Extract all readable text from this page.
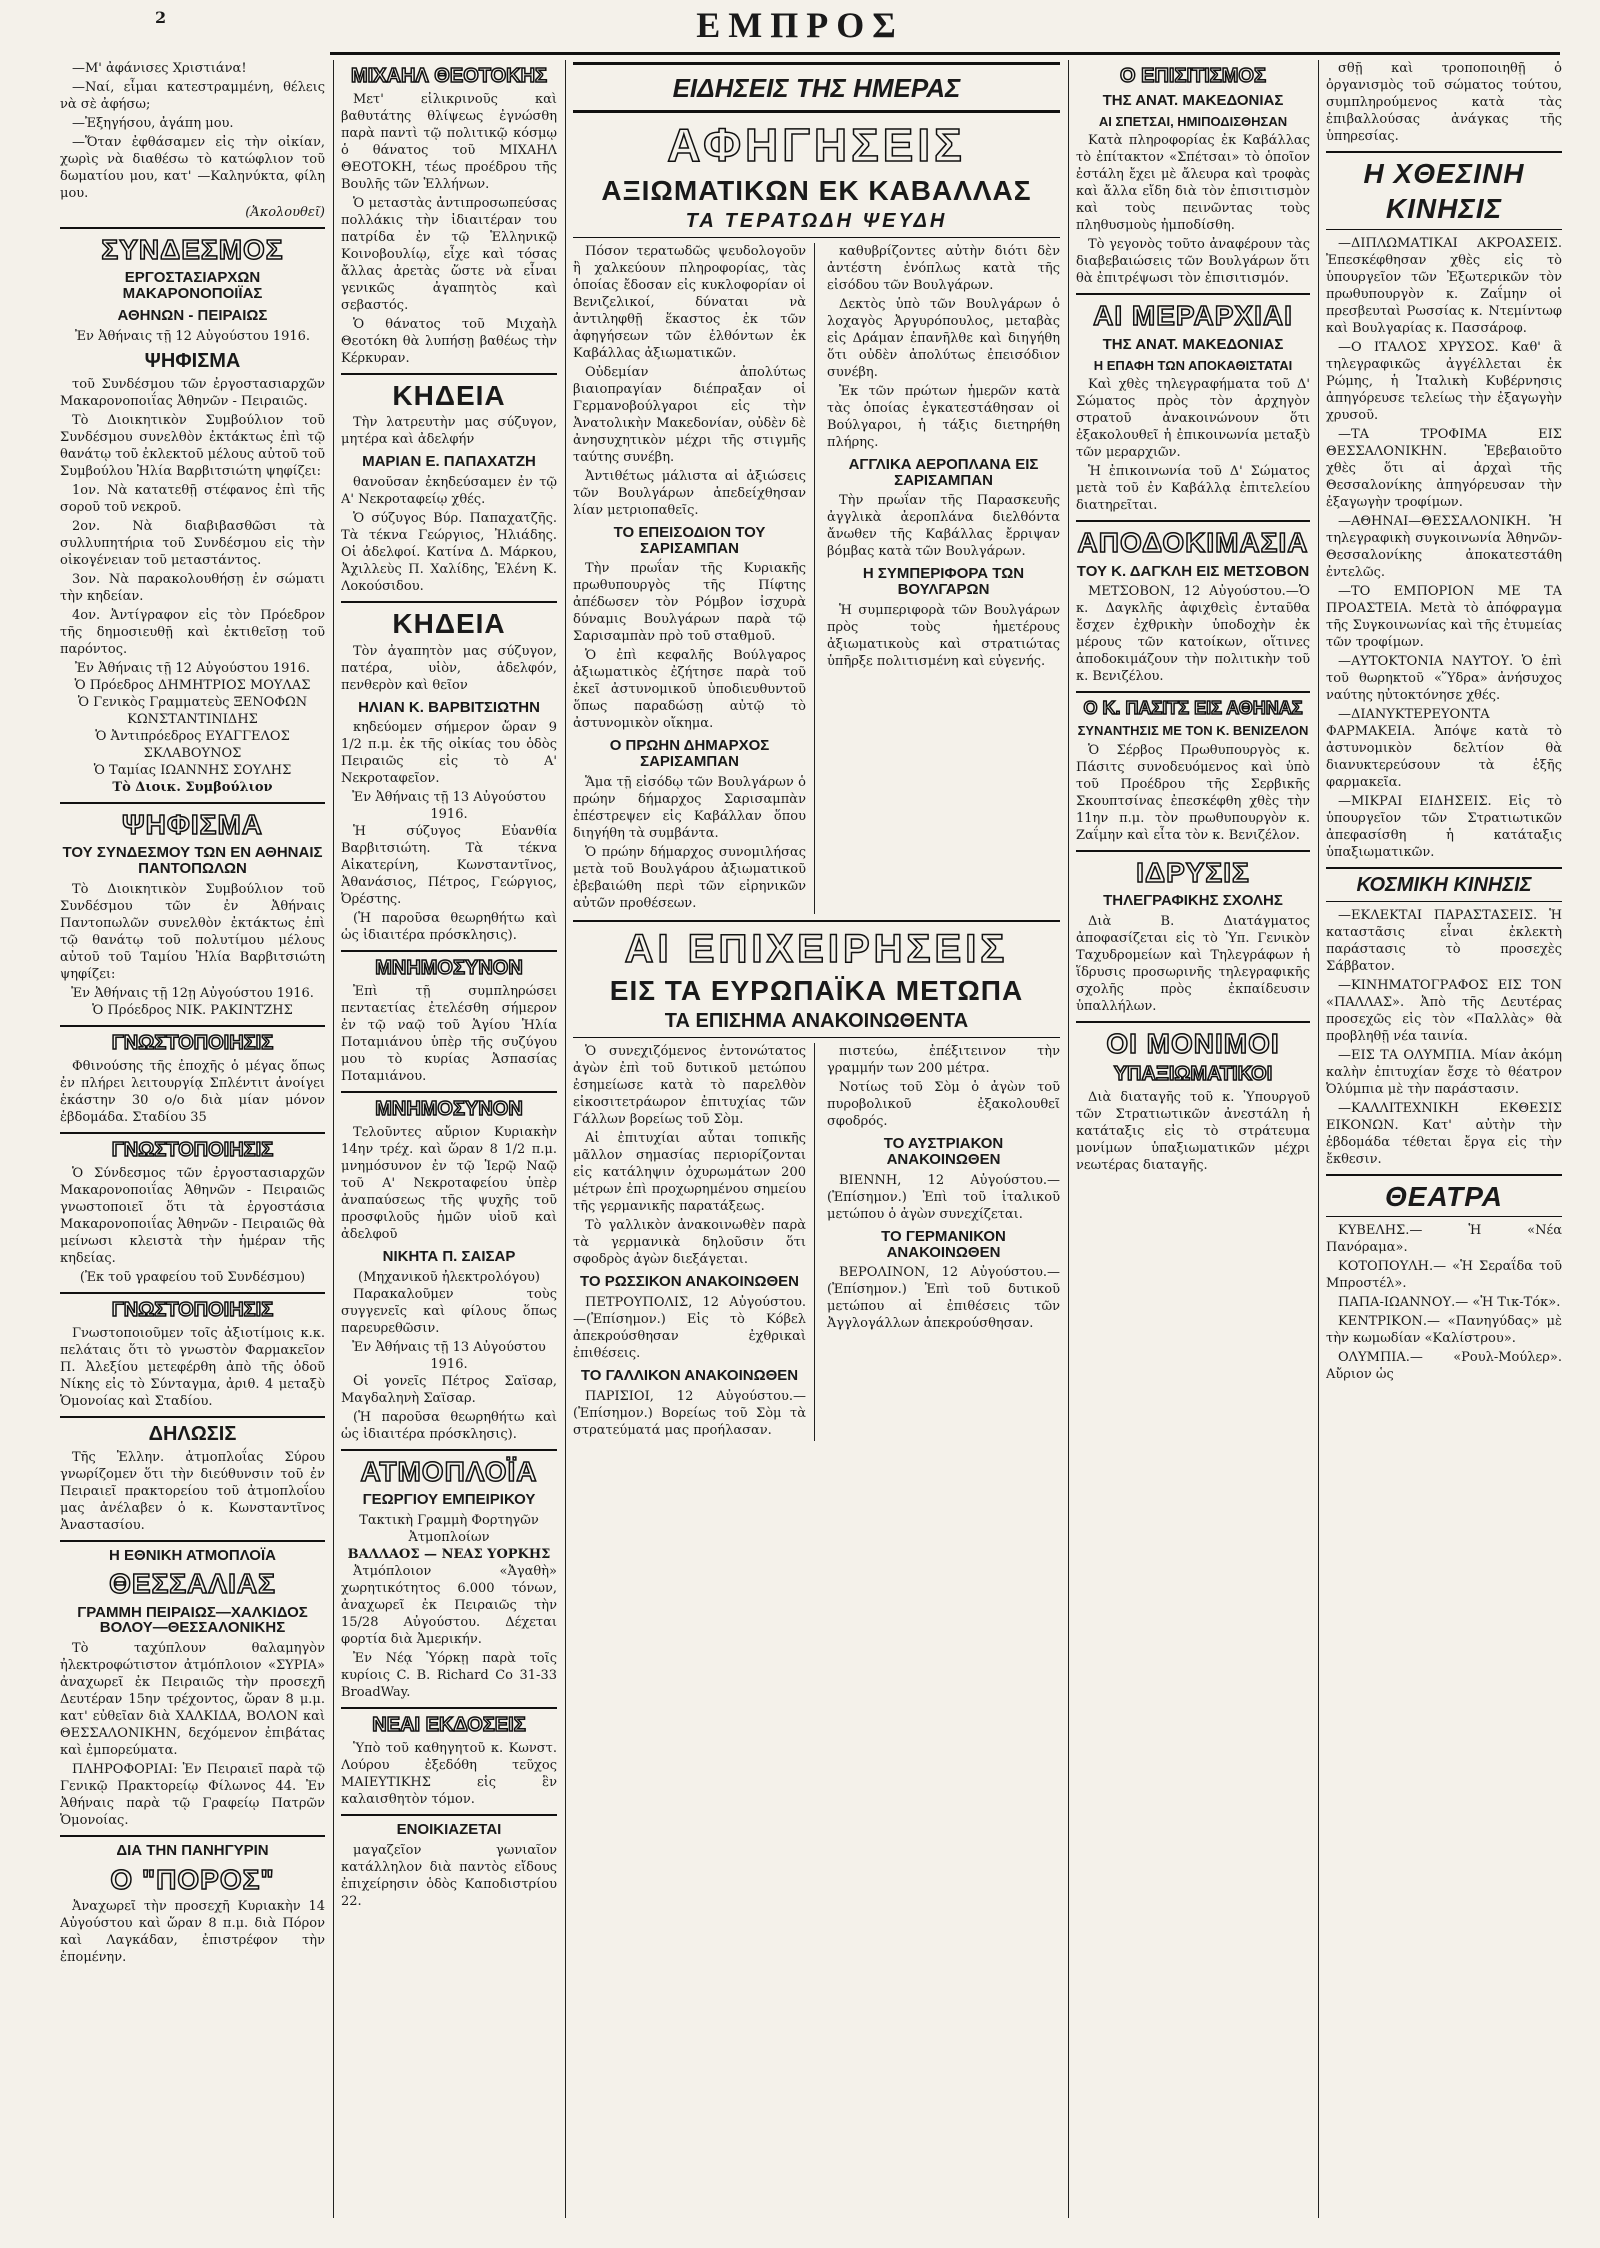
2	ΕΜΠΡΟΣ

—Μ' ἀφάνισες Χριστιάνα!

—Ναί, εἶμαι κατεστραμμένη, θέλεις νὰ σὲ ἀφήσω;

—Ἐξηγήσου, ἀγάπη μου.

—Ὅταν ἐφθάσαμεν εἰς τὴν οἰκίαν, χωρὶς νὰ διαθέσω τὸ κατώφλιον τοῦ δωματίου μου, κατ' —Καληνύκτα, φίλη μου.

(Ἀκολουθεῖ)
ΣΥΝΔΕΣΜΟΣ
ΕΡΓΟΣΤΑΣΙΑΡΧΩΝ ΜΑΚΑΡΟΝΟΠΟΙΪΑΣ
ΑΘΗΝΩΝ - ΠΕΙΡΑΙΩΣ
Ἐν Ἀθήναις τῇ 12 Αὐγούστου 1916.
ΨΗΦΙΣΜΑ

τοῦ Συνδέσμου τῶν ἐργοστασιαρχῶν Μακαρονοποιΐας Ἀθηνῶν - Πειραιῶς.

Τὸ Διοικητικὸν Συμβούλιον τοῦ Συνδέσμου συνελθὸν ἐκτάκτως ἐπὶ τῷ θανάτῳ τοῦ ἐκλεκτοῦ μέλους αὐτοῦ τοῦ Συμβούλου Ἠλία Βαρβιτσιώτη ψηφίζει:

1ον. Νὰ κατατεθῇ στέφανος ἐπὶ τῆς σοροῦ τοῦ νεκροῦ.

2ον. Νὰ διαβιβασθῶσι τὰ συλλυπητήρια τοῦ Συνδέσμου εἰς τὴν οἰκογένειαν τοῦ μεταστάντος.

3ον. Νὰ παρακολουθήσῃ ἐν σώματι τὴν κηδείαν.

4ον. Ἀντίγραφον εἰς τὸν Πρόεδρον τῆς δημοσιευθῇ καὶ ἐκτιθεῖσῃ τοῦ παρόντος.

Ἐν Ἀθήναις τῇ 12 Αὐγούστου 1916.
Ὁ Πρόεδρος ΔΗΜΗΤΡΙΟΣ ΜΟΥΛΑΣ
Ὁ Γενικὸς Γραμματεὺς ΞΕΝΟΦΩΝ ΚΩΝΣΤΑΝΤΙΝΙΔΗΣ
Ὁ Ἀντιπρόεδρος ΕΥΑΓΓΕΛΟΣ ΣΚΛΑΒΟΥΝΟΣ
Ὁ Ταμίας ΙΩΑΝΝΗΣ ΣΟΥΛΗΣ
Τὸ Διοικ. Συμβούλιον
ΨΗΦΙΣΜΑ
ΤΟΥ ΣΥΝΔΕΣΜΟΥ ΤΩΝ ΕΝ ΑΘΗΝΑΙΣ ΠΑΝΤΟΠΩΛΩΝ

Τὸ Διοικητικὸν Συμβούλιον τοῦ Συνδέσμου τῶν ἐν Ἀθήναις Παντοπωλῶν συνελθὸν ἐκτάκτως ἐπὶ τῷ θανάτῳ τοῦ πολυτίμου μέλους αὐτοῦ τοῦ Ταμίου Ἠλία Βαρβιτσιώτη ψηφίζει:

Ἐν Ἀθήναις τῇ 12ῃ Αὐγούστου 1916.
Ὁ Πρόεδρος ΝΙΚ. ΡΑΚΙΝΤΖΗΣ
ΓΝΩΣΤΟΠΟΙΗΣΙΣ

Φθινούσης τῆς ἐποχῆς ὁ μέγας ὅπως ἐν πλήρει λειτουργίᾳ Σπλέντιτ ἀνοίγει ἑκάστην 30 ο/ο διὰ μίαν μόνον ἑβδομάδα. Σταδίου 35

ΓΝΩΣΤΟΠΟΙΗΣΙΣ

Ὁ Σύνδεσμος τῶν ἐργοστασιαρχῶν Μακαρονοποιΐας Ἀθηνῶν - Πειραιῶς γνωστοποιεῖ ὅτι τὰ ἐργοστάσια Μακαρονοποιΐας Ἀθηνῶν - Πειραιῶς θὰ μείνωσι κλειστὰ τὴν ἡμέραν τῆς κηδείας.

(Ἐκ τοῦ γραφείου τοῦ Συνδέσμου)
ΓΝΩΣΤΟΠΟΙΗΣΙΣ

Γνωστοποιοῦμεν τοῖς ἀξιοτίμοις κ.κ. πελάταις ὅτι τὸ γνωστὸν Φαρμακεῖον Π. Ἀλεξίου μετεφέρθη ἀπὸ τῆς ὁδοῦ Νίκης εἰς τὸ Σύνταγμα, ἀριθ. 4 μεταξὺ Ὁμονοίας καὶ Σταδίου.

ΔΗΛΩΣΙΣ

Τῆς Ἑλλην. ἀτμοπλοΐας Σύρου γνωρίζομεν ὅτι τὴν διεύθυνσιν τοῦ ἐν Πειραιεῖ πρακτορείου τοῦ ἀτμοπλοΐου μας ἀνέλαβεν ὁ κ. Κωνσταντῖνος Ἀναστασίου.

Η ΕΘΝΙΚΗ ΑΤΜΟΠΛΟΪΑ
ΘΕΣΣΑΛΙΑΣ
ΓΡΑΜΜΗ ΠΕΙΡΑΙΩΣ—ΧΑΛΚΙΔΟΣ ΒΟΛΟΥ—ΘΕΣΣΑΛΟΝΙΚΗΣ

Τὸ ταχύπλουν θαλαμηγὸν ἠλεκτροφώτιστον ἀτμόπλοιον «ΣΥΡΙΑ» ἀναχωρεῖ ἐκ Πειραιῶς τὴν προσεχῆ Δευτέραν 15ην τρέχοντος, ὥραν 8 μ.μ. κατ' εὐθεῖαν διὰ ΧΑΛΚΙΔΑ, ΒΟΛΟΝ καὶ ΘΕΣΣΑΛΟΝΙΚΗΝ, δεχόμενον ἐπιβάτας καὶ ἐμπορεύματα.

ΠΛΗΡΟΦΟΡΙΑΙ: Ἐν Πειραιεῖ παρὰ τῷ Γενικῷ Πρακτορείῳ Φίλωνος 44. Ἐν Ἀθήναις παρὰ τῷ Γραφείῳ Πατρῶν Ὁμονοίας.

ΔΙΑ ΤΗΝ ΠΑΝΗΓΥΡΙΝ
Ο "ΠΟΡΟΣ"

Ἀναχωρεῖ τὴν προσεχῆ Κυριακὴν 14 Αὐγούστου καὶ ὥραν 8 π.μ. διὰ Πόρον καὶ Λαγκάδαν, ἐπιστρέφον τὴν ἑπομένην.

ΜΙΧΑΗΛ ΘΕΟΤΟΚΗΣ

Μετ' εἰλικρινοῦς καὶ βαθυτάτης θλίψεως ἐγνώσθη παρὰ παντὶ τῷ πολιτικῷ κόσμῳ ὁ θάνατος τοῦ ΜΙΧΑΗΛ ΘΕΟΤΟΚΗ, τέως προέδρου τῆς Βουλῆς τῶν Ἑλλήνων.

Ὁ μεταστὰς ἀντιπροσωπεύσας πολλάκις τὴν ἰδιαιτέραν του πατρίδα ἐν τῷ Ἑλληνικῷ Κοινοβουλίῳ, εἶχε καὶ τόσας ἄλλας ἀρετὰς ὥστε νὰ εἶναι γενικῶς ἀγαπητὸς καὶ σεβαστός.

Ὁ θάνατος τοῦ Μιχαὴλ Θεοτόκη θὰ λυπήσῃ βαθέως τὴν Κέρκυραν.

ΚΗΔΕΙΑ

Τὴν λατρευτὴν μας σύζυγον, μητέρα καὶ ἀδελφήν

ΜΑΡΙΑΝ Ε. ΠΑΠΑΧΑΤΖΗ

θανοῦσαν ἐκηδεύσαμεν ἐν τῷ Α' Νεκροταφείῳ χθές.

Ὁ σύζυγος Βύρ. Παπαχατζῆς. Τὰ τέκνα Γεώργιος, Ἠλιάδης. Οἱ ἀδελφοί. Κατίνα Δ. Μάρκου, Ἀχιλλεὺς Π. Χαλίδης, Ἑλένη Κ. Λοκούσιδου.

ΚΗΔΕΙΑ

Τὸν ἀγαπητὸν μας σύζυγον, πατέρα, υἱὸν, ἀδελφόν, πενθερὸν καὶ θεῖον

ΗΛΙΑΝ Κ. ΒΑΡΒΙΤΣΙΩΤΗΝ

κηδεύομεν σήμερον ὥραν 9 1/2 π.μ. ἐκ τῆς οἰκίας του ὁδὸς Πειραιῶς εἰς τὸ Α' Νεκροταφεῖον.

Ἐν Ἀθήναις τῇ 13 Αὐγούστου 1916.

Ἡ σύζυγος Εὐανθία Βαρβιτσιώτη. Τὰ τέκνα Αἰκατερίνη, Κωνσταντῖνος, Ἀθανάσιος, Πέτρος, Γεώργιος, Ὀρέστης.

(Ἡ παροῦσα θεωρηθήτω καὶ ὡς ἰδιαιτέρα πρόσκλησις).

ΜΝΗΜΟΣΥΝΟΝ

Ἐπὶ τῇ συμπληρώσει πενταετίας ἐτελέσθη σήμερον ἐν τῷ ναῷ τοῦ Ἁγίου Ἠλία Ποταμιάνου ὑπὲρ τῆς συζύγου μου τὸ κυρίας Ἀσπασίας Ποταμιάνου.

ΜΝΗΜΟΣΥΝΟΝ

Τελοῦντες αὔριον Κυριακὴν 14ην τρέχ. καὶ ὥραν 8 1/2 π.μ. μνημόσυνον ἐν τῷ Ἱερῷ Ναῷ τοῦ Α' Νεκροταφείου ὑπὲρ ἀναπαύσεως τῆς ψυχῆς τοῦ προσφιλοῦς ἡμῶν υἱοῦ καὶ ἀδελφοῦ

ΝΙΚΗΤΑ Π. ΣΑΙΣΑΡ
(Μηχανικοῦ ἠλεκτρολόγου)

Παρακαλοῦμεν τοὺς συγγενεῖς καὶ φίλους ὅπως παρευρεθῶσιν.

Ἐν Ἀθήναις τῇ 13 Αὐγούστου 1916.

Οἱ γονεῖς Πέτρος Σαϊσαρ, Μαγδαληνὴ Σαϊσαρ.

(Ἡ παροῦσα θεωρηθήτω καὶ ὡς ἰδιαιτέρα πρόσκλησις).

ΑΤΜΟΠΛΟΪΑ
ΓΕΩΡΓΙΟΥ ΕΜΠΕΙΡΙΚΟΥ
Τακτικὴ Γραμμὴ Φορτηγῶν Ἀτμοπλοίων
ΒΑΛΛΑΟΣ — ΝΕΑΣ ΥΟΡΚΗΣ

Ἀτμόπλοιον «Ἀγαθὴ» χωρητικότητος 6.000 τόνων, ἀναχωρεῖ ἐκ Πειραιῶς τὴν 15/28 Αὐγούστου. Δέχεται φορτία διὰ Ἀμερικήν.

Ἐν Νέᾳ Ὑόρκῃ παρὰ τοῖς κυρίοις C. B. Richard Co 31-33 BroadWay.

ΝΕΑΙ ΕΚΔΟΣΕΙΣ

Ὑπὸ τοῦ καθηγητοῦ κ. Κωνστ. Λούρου ἐξεδόθη τεῦχος ΜΑΙΕΥΤΙΚΗΣ εἰς ἓν καλαισθητὸν τόμον.

ΕΝΟΙΚΙΑΖΕΤΑΙ

μαγαζεῖον γωνιαῖον κατάλληλον διὰ παντὸς εἴδους ἐπιχείρησιν ὁδὸς Καποδιστρίου 22.

ΕΙΔΗΣΕΙΣ ΤΗΣ ΗΜΕΡΑΣ
ΑΦΗΓΗΣΕΙΣ
ΑΞΙΩΜΑΤΙΚΩΝ ΕΚ ΚΑΒΑΛΛΑΣ
ΤΑ ΤΕΡΑΤΩΔΗ ΨΕΥΔΗ

Πόσον τερατωδῶς ψευδολογοῦν ἢ χαλκεύουν πληροφορίας, τὰς ὁποίας ἔδοσαν εἰς κυκλοφορίαν οἱ Βενιζελικοί, δύναται νὰ ἀντιληφθῇ ἕκαστος ἐκ τῶν ἀφηγήσεων τῶν ἐλθόντων ἐκ Καβάλλας ἀξιωματικῶν.

Οὐδεμίαν ἀπολύτως βιαιοπραγίαν διέπραξαν οἱ Γερμανοβούλγαροι εἰς τὴν Ἀνατολικὴν Μακεδονίαν, οὐδὲν δὲ ἀνησυχητικὸν μέχρι τῆς στιγμῆς ταύτης συνέβη.

Ἀντιθέτως μάλιστα αἱ ἀξιώσεις τῶν Βουλγάρων ἀπεδείχθησαν λίαν μετριοπαθεῖς.

ΤΟ ΕΠΕΙΣΟΔΙΟΝ ΤΟΥ ΣΑΡΙΣΑΜΠΑΝ

Τὴν πρωΐαν τῆς Κυριακῆς πρωθυπουργὸς τῆς Πίφτης ἀπέδωσεν τὸν Ρόμβον ἰσχυρὰ δύναμις Βουλγάρων παρὰ τῷ Σαρισαμπὰν πρὸ τοῦ σταθμοῦ.

Ὁ ἐπὶ κεφαλῆς Βούλγαρος ἀξιωματικὸς ἐζήτησε παρὰ τοῦ ἐκεῖ ἀστυνομικοῦ ὑποδιευθυντοῦ ὅπως παραδώσῃ αὐτῷ τὸ ἀστυνομικὸν οἴκημα.

Ο ΠΡΩΗΝ ΔΗΜΑΡΧΟΣ ΣΑΡΙΣΑΜΠΑΝ

Ἅμα τῇ εἰσόδῳ τῶν Βουλγάρων ὁ πρώην δήμαρχος Σαρισαμπὰν ἐπέστρεψεν εἰς Καβάλλαν ὅπου διηγήθη τὰ συμβάντα.

Ὁ πρώην δήμαρχος συνομιλήσας μετὰ τοῦ Βουλγάρου ἀξιωματικοῦ ἐβεβαιώθη περὶ τῶν εἰρηνικῶν αὐτῶν προθέσεων.

καθυβρίζοντες αὐτὴν διότι δὲν ἀντέστη ἐνόπλως κατὰ τῆς εἰσόδου τῶν Βουλγάρων.

Δεκτὸς ὑπὸ τῶν Βουλγάρων ὁ λοχαγὸς Ἀργυρόπουλος, μεταβὰς εἰς Δράμαν ἐπανῆλθε καὶ διηγήθη ὅτι οὐδὲν ἀπολύτως ἐπεισόδιον συνέβη.

Ἐκ τῶν πρώτων ἡμερῶν κατὰ τὰς ὁποίας ἐγκατεστάθησαν οἱ Βούλγαροι, ἡ τάξις διετηρήθη πλήρης.

ΑΓΓΛΙΚΑ ΑΕΡΟΠΛΑΝΑ ΕΙΣ ΣΑΡΙΣΑΜΠΑΝ

Τὴν πρωΐαν τῆς Παρασκευῆς ἀγγλικὰ ἀεροπλάνα διελθόντα ἄνωθεν τῆς Καβάλλας ἔρριψαν βόμβας κατὰ τῶν Βουλγάρων.

Η ΣΥΜΠΕΡΙΦΟΡΑ ΤΩΝ ΒΟΥΛΓΑΡΩΝ

Ἡ συμπεριφορὰ τῶν Βουλγάρων πρὸς τοὺς ἡμετέρους ἀξιωματικοὺς καὶ στρατιώτας ὑπῆρξε πολιτισμένη καὶ εὐγενής.

ΑΙ ΕΠΙΧΕΙΡΗΣΕΙΣ
ΕΙΣ ΤΑ ΕΥΡΩΠΑΪΚΑ ΜΕΤΩΠΑ
ΤΑ ΕΠΙΣΗΜΑ ΑΝΑΚΟΙΝΩΘΕΝΤΑ

Ὁ συνεχιζόμενος ἐντονώτατος ἀγὼν ἐπὶ τοῦ δυτικοῦ μετώπου ἐσημείωσε κατὰ τὸ παρελθὸν εἰκοσιτετράωρον ἐπιτυχίας τῶν Γάλλων βορείως τοῦ Σὸμ.

Αἱ ἐπιτυχίαι αὗται τοπικῆς μᾶλλον σημασίας περιορίζονται εἰς κατάληψιν ὀχυρωμάτων 200 μέτρων ἐπὶ προχωρημένου σημείου τῆς γερμανικῆς παρατάξεως.

Τὸ γαλλικὸν ἀνακοινωθὲν παρὰ τὰ γερμανικὰ δηλοῦσιν ὅτι σφοδρὸς ἀγὼν διεξάγεται.

ΤΟ ΡΩΣΣΙΚΟΝ ΑΝΑΚΟΙΝΩΘΕΝ

ΠΕΤΡΟΥΠΟΛΙΣ, 12 Αὐγούστου.—(Ἐπίσημον.) Εἰς τὸ Κόβελ ἀπεκρούσθησαν ἐχθρικαὶ ἐπιθέσεις.

ΤΟ ΓΑΛΛΙΚΟΝ ΑΝΑΚΟΙΝΩΘΕΝ

ΠΑΡΙΣΙΟΙ, 12 Αὐγούστου.—(Ἐπίσημον.) Βορείως τοῦ Σὸμ τὰ στρατεύματά μας προήλασαν.

πιστεύω, ἐπέξιτεινον τὴν γραμμήν των 200 μέτρα.

Νοτίως τοῦ Σὸμ ὁ ἀγὼν τοῦ πυροβολικοῦ ἐξακολουθεῖ σφοδρός.

ΤΟ ΑΥΣΤΡΙΑΚΟΝ ΑΝΑΚΟΙΝΩΘΕΝ

ΒΙΕΝΝΗ, 12 Αὐγούστου.—(Ἐπίσημον.) Ἐπὶ τοῦ ἰταλικοῦ μετώπου ὁ ἀγὼν συνεχίζεται.

ΤΟ ΓΕΡΜΑΝΙΚΟΝ ΑΝΑΚΟΙΝΩΘΕΝ

ΒΕΡΟΛΙΝΟΝ, 12 Αὐγούστου.—(Ἐπίσημον.) Ἐπὶ τοῦ δυτικοῦ μετώπου αἱ ἐπιθέσεις τῶν Ἀγγλογάλλων ἀπεκρούσθησαν.

Ο ΕΠΙΣΙΤΙΣΜΟΣ
ΤΗΣ ΑΝΑΤ. ΜΑΚΕΔΟΝΙΑΣ
ΑΙ ΣΠΕΤΣΑΙ, ΗΜΙΠΟΔΙΣΘΗΣΑΝ

Κατὰ πληροφορίας ἐκ Καβάλλας τὸ ἐπίτακτον «Σπέτσαι» τὸ ὁποῖον ἐστάλη ἔχει μὲ ἄλευρα καὶ τροφὰς καὶ ἄλλα εἴδη διὰ τὸν ἐπισιτισμὸν καὶ τοὺς πεινῶντας τοὺς πληθυσμοὺς ἠμποδίσθη.

Τὸ γεγονὸς τοῦτο ἀναφέρουν τὰς διαβεβαιώσεις τῶν Βουλγάρων ὅτι θὰ ἐπιτρέψωσι τὸν ἐπισιτισμόν.

ΑΙ ΜΕΡΑΡΧΙΑΙ
ΤΗΣ ΑΝΑΤ. ΜΑΚΕΔΟΝΙΑΣ
Η ΕΠΑΦΗ ΤΩΝ ΑΠΟΚΑΘΙΣΤΑΤΑΙ

Καὶ χθὲς τηλεγραφήματα τοῦ Δ' Σώματος πρὸς τὸν ἀρχηγὸν στρατοῦ ἀνακοινώνουν ὅτι ἐξακολουθεῖ ἡ ἐπικοινωνία μεταξὺ τῶν μεραρχιῶν.

Ἡ ἐπικοινωνία τοῦ Δ' Σώματος μετὰ τοῦ ἐν Καβάλλᾳ ἐπιτελείου διατηρεῖται.

ΑΠΟΔΟΚΙΜΑΣΙΑ
ΤΟΥ Κ. ΔΑΓΚΛΗ ΕΙΣ ΜΕΤΣΟΒΟΝ

ΜΕΤΣΟΒΟΝ, 12 Αὐγούστου.—Ὁ κ. Δαγκλῆς ἀφιχθεὶς ἐνταῦθα ἔσχεν ἐχθρικὴν ὑποδοχὴν ἐκ μέρους τῶν κατοίκων, οἵτινες ἀποδοκιμάζουν τὴν πολιτικὴν τοῦ κ. Βενιζέλου.

Ο Κ. ΠΑΣΙΤΣ ΕΙΣ ΑΘΗΝΑΣ
ΣΥΝΑΝΤΗΣΙΣ ΜΕ ΤΟΝ Κ. ΒΕΝΙΖΕΛΟΝ

Ὁ Σέρβος Πρωθυπουργὸς κ. Πάσιτς συνοδευόμενος καὶ ὑπὸ τοῦ Προέδρου τῆς Σερβικῆς Σκουπτσίνας ἐπεσκέφθη χθὲς τὴν 11ην π.μ. τὸν πρωθυπουργὸν κ. Ζαΐμην καὶ εἶτα τὸν κ. Βενιζέλον.

ΙΔΡΥΣΙΣ
ΤΗΛΕΓΡΑΦΙΚΗΣ ΣΧΟΛΗΣ

Διὰ Β. Διατάγματος ἀποφασίζεται εἰς τὸ Ὑπ. Γενικὸν Ταχυδρομείων καὶ Τηλεγράφων ἡ ἵδρυσις προσωρινῆς τηλεγραφικῆς σχολῆς πρὸς ἐκπαίδευσιν ὑπαλλήλων.

ΟΙ ΜΟΝΙΜΟΙ
ΥΠΑΞΙΩΜΑΤΙΚΟΙ

Διὰ διαταγῆς τοῦ κ. Ὑπουργοῦ τῶν Στρατιωτικῶν ἀνεστάλη ἡ κατάταξις εἰς τὸ στράτευμα μονίμων ὑπαξιωματικῶν μέχρι νεωτέρας διαταγῆς.

σθῇ καὶ τροποποιηθῇ ὁ ὀργανισμὸς τοῦ σώματος τούτου, συμπληρούμενος κατὰ τὰς ἐπιβαλλούσας ἀνάγκας τῆς ὑπηρεσίας.

Η ΧΘΕΣΙΝΗ
ΚΙΝΗΣΙΣ

—ΔΙΠΛΩΜΑΤΙΚΑΙ ΑΚΡΟΑΣΕΙΣ. Ἐπεσκέφθησαν χθὲς εἰς τὸ ὑπουργεῖον τῶν Ἐξωτερικῶν τὸν πρωθυπουργὸν κ. Ζαΐμην οἱ πρεσβευταὶ Ρωσσίας κ. Ντεμίντωφ καὶ Βουλγαρίας κ. Πασσάροφ.

—Ο ΙΤΑΛΟΣ ΧΡΥΣΟΣ. Καθ' ἃ τηλεγραφικῶς ἀγγέλλεται ἐκ Ρώμης, ἡ Ἰταλικὴ Κυβέρνησις ἀπηγόρευσε τελείως τὴν ἐξαγωγὴν χρυσοῦ.

—ΤΑ ΤΡΟΦΙΜΑ ΕΙΣ ΘΕΣΣΑΛΟΝΙΚΗΝ. Ἐβεβαιοῦτο χθὲς ὅτι αἱ ἀρχαὶ τῆς Θεσσαλονίκης ἀπηγόρευσαν τὴν ἐξαγωγὴν τροφίμων.

—ΑΘΗΝΑΙ—ΘΕΣΣΑΛΟΝΙΚΗ. Ἡ τηλεγραφικὴ συγκοινωνία Ἀθηνῶν-Θεσσαλονίκης ἀποκατεστάθη ἐντελῶς.

—ΤΟ ΕΜΠΟΡΙΟΝ ΜΕ ΤΑ ΠΡΟΑΣΤΕΙΑ. Μετὰ τὸ ἀπόφραγμα τῆς Συγκοινωνίας καὶ τῆς ἐτυμείας τῶν τροφίμων.

—ΑΥΤΟΚΤΟΝΙΑ ΝΑΥΤΟΥ. Ὁ ἐπὶ τοῦ θωρηκτοῦ «Ὕδρα» ἀνήσυχος ναύτης ηὐτοκτόνησε χθές.

—ΔΙΑΝΥΚΤΕΡΕΥΟΝΤΑ ΦΑΡΜΑΚΕΙΑ. Ἀπόψε κατὰ τὸ ἀστυνομικὸν δελτίον θὰ διανυκτερεύσουν τὰ ἑξῆς φαρμακεῖα.

—ΜΙΚΡΑΙ ΕΙΔΗΣΕΙΣ. Εἰς τὸ ὑπουργεῖον τῶν Στρατιωτικῶν ἀπεφασίσθη ἡ κατάταξις ὑπαξιωματικῶν.

ΚΟΣΜΙΚΗ ΚΙΝΗΣΙΣ

—ΕΚΛΕΚΤΑΙ ΠΑΡΑΣΤΑΣΕΙΣ. Ἡ καταστᾶσις εἶναι ἐκλεκτὴ παράστασις τὸ προσεχὲς Σάββατον.

—ΚΙΝΗΜΑΤΟΓΡΑΦΟΣ ΕΙΣ ΤΟΝ «ΠΑΛΛΑΣ». Ἀπὸ τῆς Δευτέρας προσεχῶς εἰς τὸν «Παλλὰς» θὰ προβληθῇ νέα ταινία.

—ΕΙΣ ΤΑ ΟΛΥΜΠΙΑ. Μίαν ἀκόμη καλὴν ἐπιτυχίαν ἔσχε τὸ θέατρον Ὀλύμπια μὲ τὴν παράστασιν.

—ΚΑΛΛΙΤΕΧΝΙΚΗ ΕΚΘΕΣΙΣ ΕΙΚΟΝΩΝ. Κατ' αὐτὴν τὴν ἑβδομάδα τέθεται ἔργα εἰς τὴν ἔκθεσιν.

ΘΕΑΤΡΑ

ΚΥΒΕΛΗΣ.— Ἡ «Νέα Πανόραμα».

ΚΟΤΟΠΟΥΛΗ.— «Ἡ Σεραΐδα τοῦ Μπροστέλ».

ΠΑΠΑ-ΙΩΑΝΝΟΥ.— «Ἡ Τικ-Τόκ».

ΚΕΝΤΡΙΚΟΝ.— «Πανηγύδας» μὲ τὴν κωμωδίαν «Καλίστρου».

ΟΛΥΜΠΙΑ.— «Ρουλ-Μούλερ». Αὔριον ὡς
